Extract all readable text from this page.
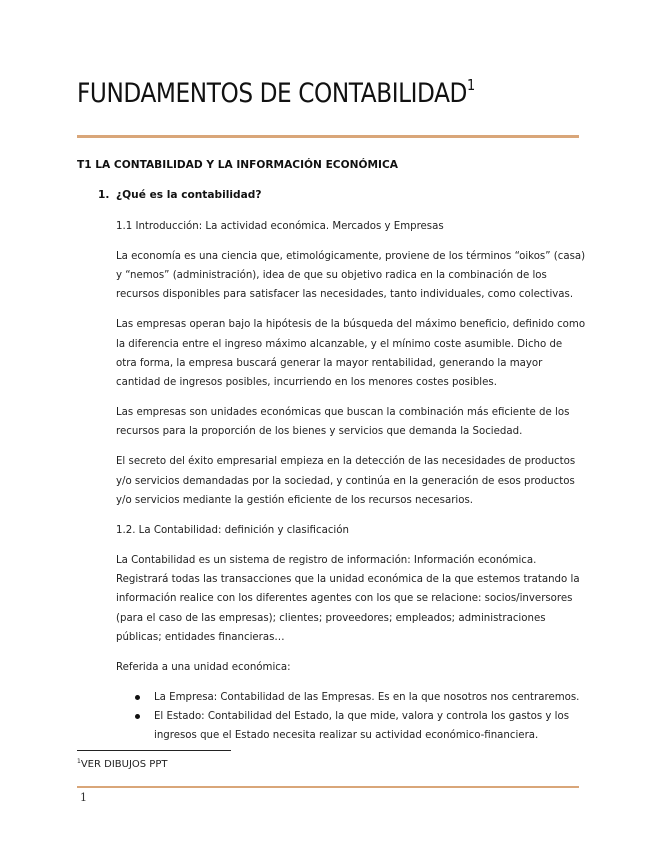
FUNDAMENTOS DE CONTABILIDAD$^1$
T1 LA CONTABILIDAD Y LA INFORMACIÓN ECONÓMICA
1. ¿Qué es la contabilidad?

1.1 Introducción: La actividad económica. Mercados y Empresas

La economía es una ciencia que, etimológicamente, proviene de los términos “oikos” (casa) y “nemos” (administración), idea de que su objetivo radica en la combinación de los recursos disponibles para satisfacer las necesidades, tanto individuales, como colectivas.

Las empresas operan bajo la hipótesis de la búsqueda del máximo beneficio, definido como la diferencia entre el ingreso máximo alcanzable, y el mínimo coste asumible. Dicho de otra forma, la empresa buscará generar la mayor rentabilidad, generando la mayor cantidad de ingresos posibles, incurriendo en los menores costes posibles.

Las empresas son unidades económicas que buscan la combinación más eficiente de los recursos para la proporción de los bienes y servicios que demanda la Sociedad.

El secreto del éxito empresarial empieza en la detección de las necesidades de productos y/o servicios demandadas por la sociedad, y continúa en la generación de esos productos y/o servicios mediante la gestión eficiente de los recursos necesarios.

1.2. La Contabilidad: definición y clasificación

La Contabilidad es un sistema de registro de información: Información económica. Registrará todas las transacciones que la unidad económica de la que estemos tratando la información realice con los diferentes agentes con los que se relacione: socios/inversores (para el caso de las empresas); clientes; proveedores; empleados; administraciones públicas; entidades financieras…

Referida a una unidad económica:

La Empresa: Contabilidad de las Empresas. Es en la que nosotros nos centraremos.
El Estado: Contabilidad del Estado, la que mide, valora y controla los gastos y los ingresos que el Estado necesita realizar su actividad económico-financiera.
$^1$VER DIBUJOS PPT
1
